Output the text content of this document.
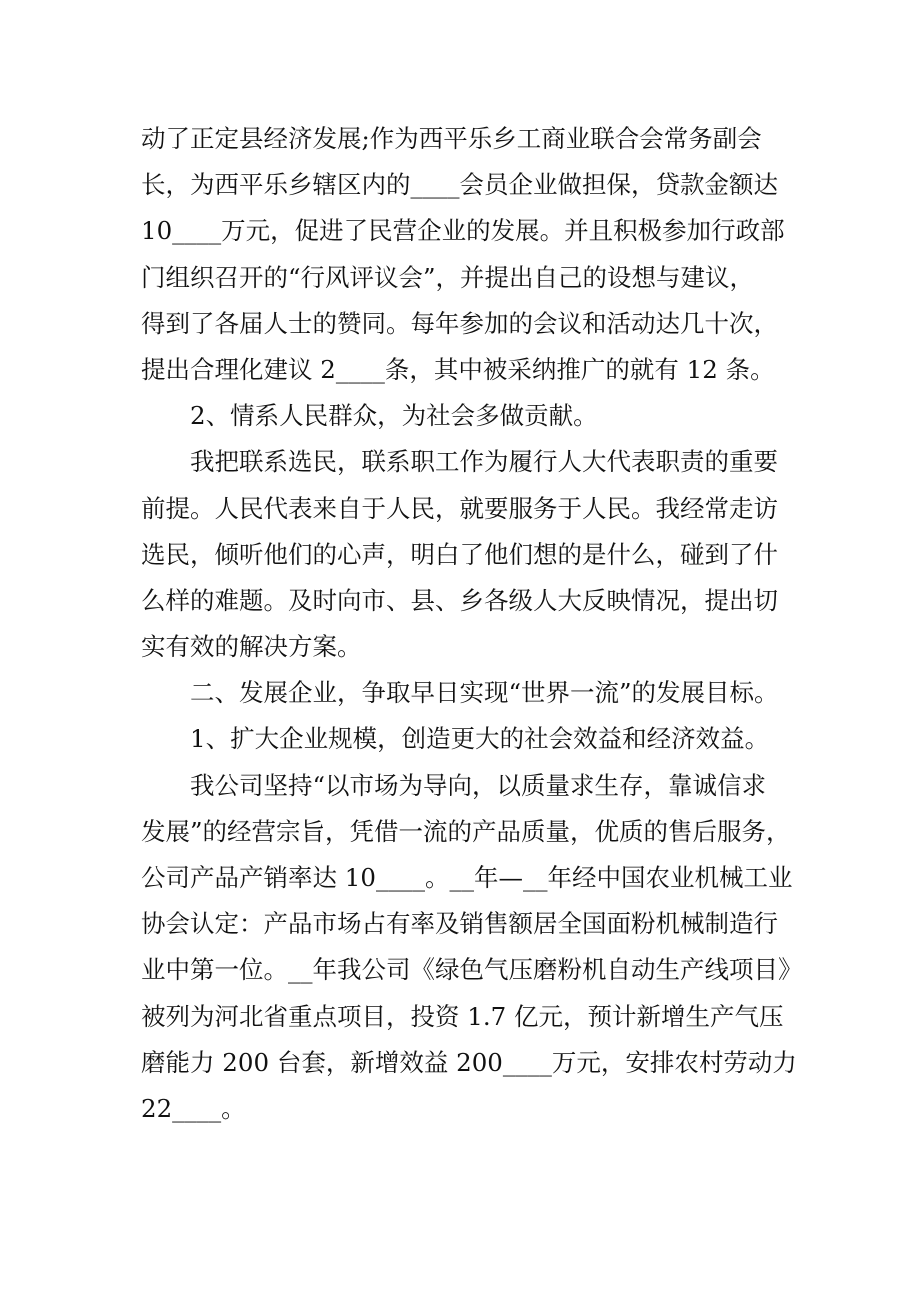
动了正定县经济发展;作为西平乐乡工商业联合会常务副会
长，为西平乐乡辖区内的____会员企业做担保，贷款金额达
10____万元，促进了民营企业的发展。并且积极参加行政部
门组织召开的“行风评议会”，并提出自己的设想与建议，
得到了各届人士的赞同。每年参加的会议和活动达几十次，
提出合理化建议 2____条，其中被采纳推广的就有 12 条。
2、情系人民群众，为社会多做贡献。
我把联系选民，联系职工作为履行人大代表职责的重要
前提。人民代表来自于人民，就要服务于人民。我经常走访
选民，倾听他们的心声，明白了他们想的是什么，碰到了什
么样的难题。及时向市、县、乡各级人大反映情况，提出切
实有效的解决方案。
二、发展企业，争取早日实现“世界一流”的发展目标。
1、扩大企业规模，创造更大的社会效益和经济效益。
我公司坚持“以市场为导向，以质量求生存，靠诚信求
发展”的经营宗旨，凭借一流的产品质量，优质的售后服务，
公司产品产销率达 10____。__年—__年经中国农业机械工业
协会认定：产品市场占有率及销售额居全国面粉机械制造行
业中第一位。__年我公司《绿色气压磨粉机自动生产线项目》
被列为河北省重点项目，投资 1.7 亿元，预计新增生产气压
磨能力 200 台套，新增效益 200____万元，安排农村劳动力
22____。
